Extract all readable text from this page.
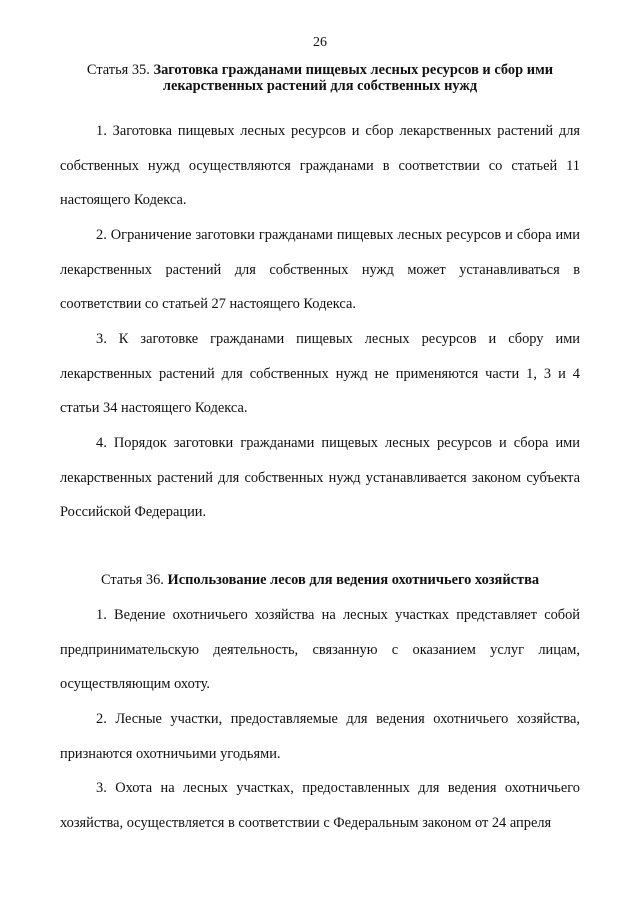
26
Статья 35. Заготовка гражданами пищевых лесных ресурсов и сбор ими лекарственных растений для собственных нужд

1. Заготовка пищевых лесных ресурсов и сбор лекарственных растений для собственных нужд осуществляются гражданами в соответствии со статьей 11 настоящего Кодекса.

2. Ограничение заготовки гражданами пищевых лесных ресурсов и сбора ими лекарственных растений для собственных нужд может устанавливаться в соответствии со статьей 27 настоящего Кодекса.

3. К заготовке гражданами пищевых лесных ресурсов и сбору ими лекарственных растений для собственных нужд не применяются части 1, 3 и 4 статьи 34 настоящего Кодекса.

4. Порядок заготовки гражданами пищевых лесных ресурсов и сбора ими лекарственных растений для собственных нужд устанавливается законом субъекта Российской Федерации.

Статья 36. Использование лесов для ведения охотничьего хозяйства

1. Ведение охотничьего хозяйства на лесных участках представляет собой предпринимательскую деятельность, связанную с оказанием услуг лицам, осуществляющим охоту.

2. Лесные участки, предоставляемые для ведения охотничьего хозяйства, признаются охотничьими угодьями.

3. Охота на лесных участках, предоставленных для ведения охотничьего хозяйства, осуществляется в соответствии с Федеральным законом от 24 апреля
